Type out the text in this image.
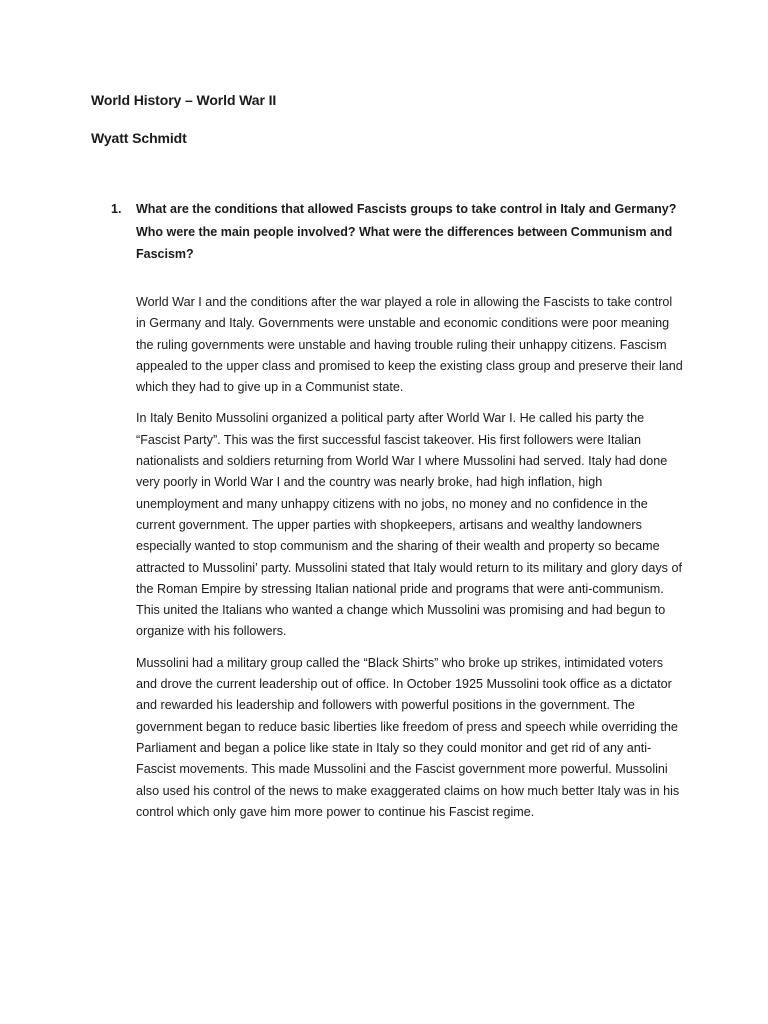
World History – World War II
Wyatt Schmidt
1. What are the conditions that allowed Fascists groups to take control in Italy and Germany? Who were the main people involved? What were the differences between Communism and Fascism?

World War I and the conditions after the war played a role in allowing the Fascists to take control in Germany and Italy. Governments were unstable and economic conditions were poor meaning the ruling governments were unstable and having trouble ruling their unhappy citizens. Fascism appealed to the upper class and promised to keep the existing class group and preserve their land which they had to give up in a Communist state.

In Italy Benito Mussolini organized a political party after World War I. He called his party the “Fascist Party”. This was the first successful fascist takeover. His first followers were Italian nationalists and soldiers returning from World War I where Mussolini had served. Italy had done very poorly in World War I and the country was nearly broke, had high inflation, high unemployment and many unhappy citizens with no jobs, no money and no confidence in the current government. The upper parties with shopkeepers, artisans and wealthy landowners especially wanted to stop communism and the sharing of their wealth and property so became attracted to Mussolini’ party. Mussolini stated that Italy would return to its military and glory days of the Roman Empire by stressing Italian national pride and programs that were anti-communism. This united the Italians who wanted a change which Mussolini was promising and had begun to organize with his followers.

Mussolini had a military group called the “Black Shirts” who broke up strikes, intimidated voters and drove the current leadership out of office. In October 1925 Mussolini took office as a dictator and rewarded his leadership and followers with powerful positions in the government. The government began to reduce basic liberties like freedom of press and speech while overriding the Parliament and began a police like state in Italy so they could monitor and get rid of any anti-Fascist movements. This made Mussolini and the Fascist government more powerful. Mussolini also used his control of the news to make exaggerated claims on how much better Italy was in his control which only gave him more power to continue his Fascist regime.
